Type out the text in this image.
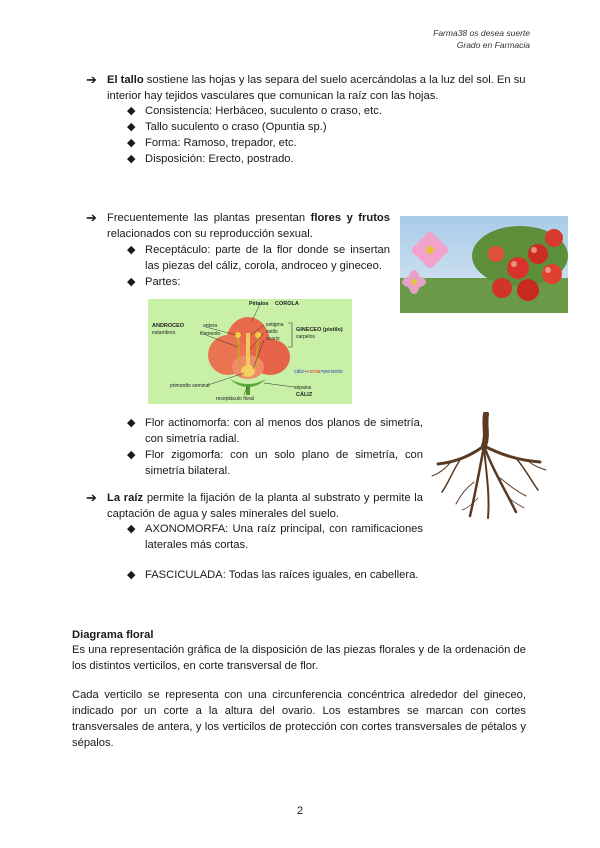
Farma38 os desea suerte
Grado en Farmacia
➔ El tallo sostiene las hojas y las separa del suelo acercándolas a la luz del sol. En su
interior hay tejidos vasculares que comunican la raíz con las hojas.
◆ Consistencia: Herbáceo, suculento o craso, etc.
◆ Tallo suculento o craso (Opuntia sp.)
◆ Forma: Ramoso, trepador, etc.
◆ Disposición: Erecto, postrado.
➔ Frecuentemente las plantas presentan flores y frutos
relacionados con su reproducción sexual.
◆ Receptáculo: parte de la flor donde se insertan
las piezas del cáliz, corola, androceo y gineceo.
◆ Partes:
Pétalos COROLA
ANDROCEO
estambres
antera
filamento
estigma
estilo
ovario
GINECEO (pistilo)
carpelos
cáliz+corola=periantio
primordio seminal
receptáculo floral
sépalos
CÁLIZ
◆ Flor actinomorfa: con al menos dos planos de simetría,
con simetría radial.
◆ Flor zigomorfa: con un solo plano de simetría, con
simetría bilateral.
➔ La raíz permite la fijación de la planta al substrato y permite la
captación de agua y sales minerales del suelo.
◆ AXONOMORFA: Una raíz principal, con ramificaciones
laterales más cortas.
◆ FASCICULADA: Todas las raíces iguales, en cabellera.
Diagrama floral
Es una representación gráfica de la disposición de las piezas florales y de la ordenación de
los distintos verticilos, en corte transversal de flor.
Cada verticilo se representa con una circunferencia concéntrica alrededor del gineceo,
indicado por un corte a la altura del ovario. Los estambres se marcan con cortes
transversales de antera, y los verticilos de protección con cortes transversales de pétalos y
sépalos.
2
